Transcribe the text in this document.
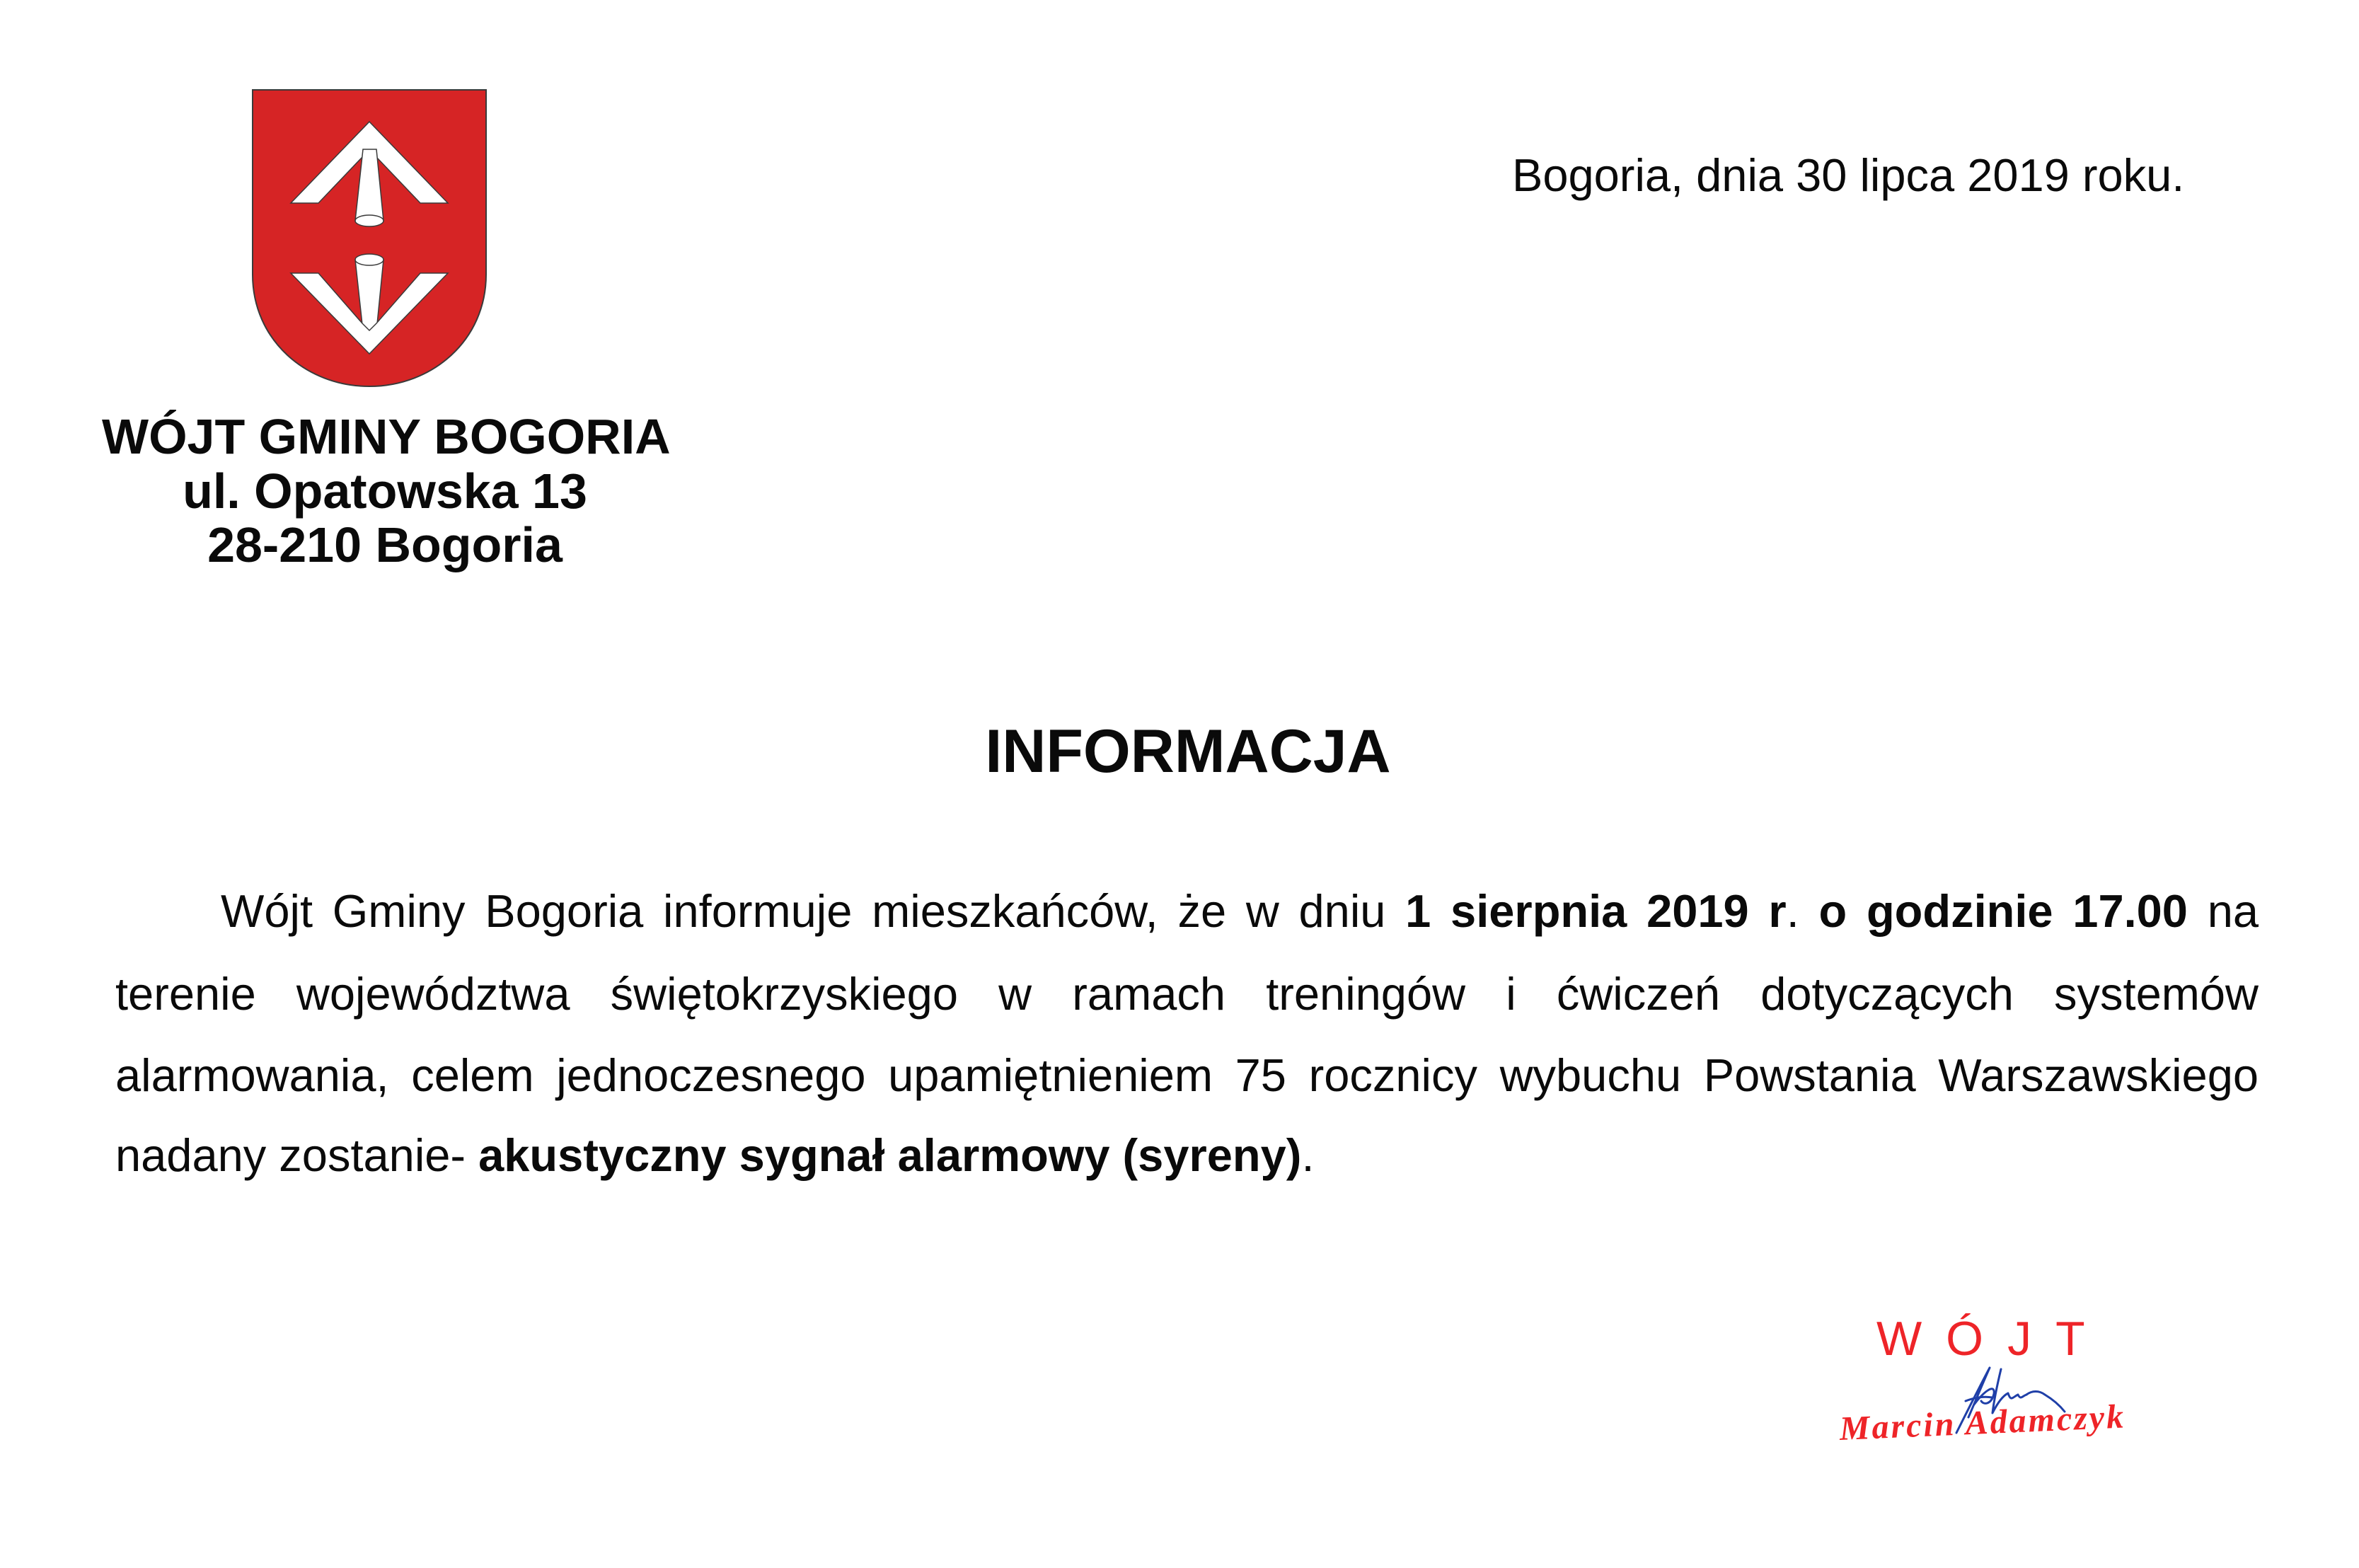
WÓJT GMINY BOGORIA
ul. Opatowska 13
28-210 Bogoria
Bogoria, dnia 30 lipca 2019 roku.
INFORMACJA
Wójt Gminy Bogoria informuje mieszkańców, że w dniu 1 sierpnia 2019 r. o godzinie 17.00 na
terenie województwa świętokrzyskiego w ramach treningów i ćwiczeń dotyczących systemów
alarmowania, celem jednoczesnego upamiętnieniem 75 rocznicy wybuchu Powstania Warszawskiego
nadany zostanie- akustyczny sygnał alarmowy (syreny).
WÓJT
Marcin Adamczyk
